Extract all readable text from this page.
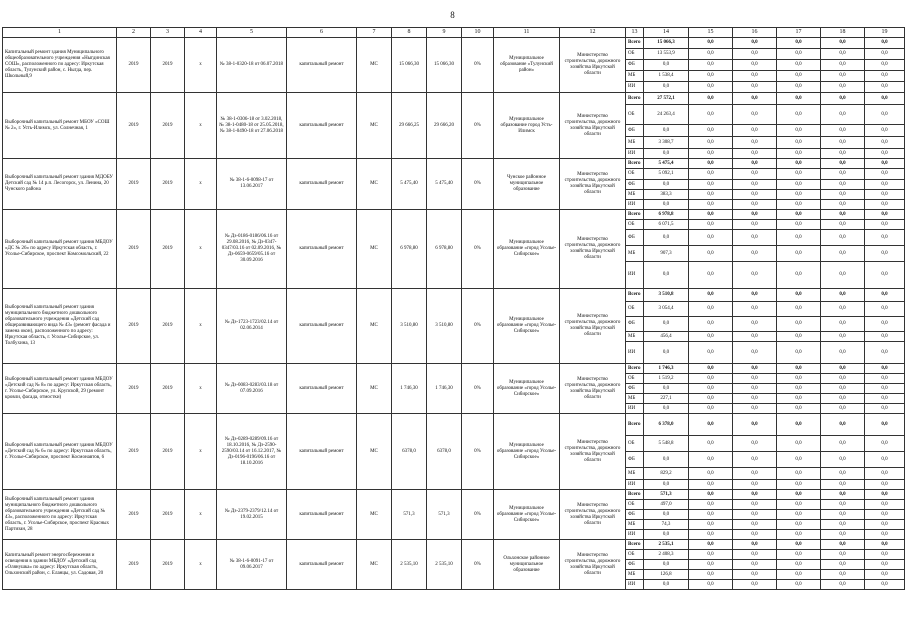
8
1	2	3	4	5	6	7	8	9	10	11	12	13	14	15	16	17	18	19
Капитальный ремонт здания Муниципального общеобразовательного учреждения «Ныгдинская СОШ», расположенного по адресу: Иркутская область, Тулунский район, с. Ныгда, пер. Школьный,9	2019	2019	х	№ 38-1-0320-18 от 06.07.2018	капитальный ремонт	МС	15 066,30	15 066,30	0%	Муниципальное образование «Тулунский район»	Министерство строительства, дорожного хозяйства Иркутской области	Всего	15 066,3	0,0	0,0	0,0	0,0	0,0
												ОБ	13 553,9	0,0	0,0	0,0	0,0	0,0
												ФБ	0,0	0,0	0,0	0,0	0,0	0,0
												МБ	1 538,4	0,0	0,0	0,0	0,0	0,0
												ИИ	0,0	0,0	0,0	0,0	0,0	0,0
Выборочный капитальный ремонт МБОУ «СОШ № 2», г. Усть-Илимск, ул. Солнечная, 1	2019	2019	х	№ 38-1-0306-18 от 3.02.2018, № 38-1-0480-18 от 25.05.2018, № 38-1-0490-18 от 27.06.2018	капитальный ремонт	МС	29 666,25	29 666,20	0%	Муниципальное образование город Усть-Илимск	Министерство строительства, дорожного хозяйства Иркутской области	Всего	27 572,1	0,0	0,0	0,0	0,0	0,0
												ОБ	24 263,4	0,0	0,0	0,0	0,0	0,0
												ФБ	0,0	0,0	0,0	0,0	0,0	0,0
												МБ	3 308,7	0,0	0,0	0,0	0,0	0,0
												ИИ	0,0	0,0	0,0	0,0	0,0	0,0
Выборочный капитальный ремонт здания МДОБУ Детский сад № 14 р.п. Лесогорск, ул. Ленина, 20 Чунского района	2019	2019	х	№ 38-1-6-0098-17 от 13.06.2017	капитальный ремонт	МС	5 475,40	5 475,40	0%	Чунское районное муниципальное образование	Министерство строительства, дорожного хозяйства Иркутской области	Всего	5 475,4	0,0	0,0	0,0	0,0	0,0
												ОБ	5 092,1	0,0	0,0	0,0	0,0	0,0
												ФБ	0,0	0,0	0,0	0,0	0,0	0,0
												МБ	383,3	0,0	0,0	0,0	0,0	0,0
												ИИ	0,0	0,0	0,0	0,0	0,0	0,0
Выборочный капитальный ремонт здания МБДОУ «ДС № 26» по адресу Иркутская область, г. Усолье-Сибирское, проспект Комсомольский, 22	2019	2019	х	№ Дз-0186-0186/06.16 от 29.08.2016, № Дз-0347-0347/03.16 от 02.09.2016, № Дз-0659-0659/05.16 от 30.09.2016	капитальный ремонт	МС	6 978,80	6 978,80	0%	Муниципальное образование «город Усолье-Сибирское»	Министерство строительства, дорожного хозяйства Иркутской области	Всего	6 978,8	0,0	0,0	0,0	0,0	0,0
												ОБ	6 071,5	0,0	0,0	0,0	0,0	0,0
												ФБ	0,0	0,0	0,0	0,0	0,0	0,0
												МБ	907,3	0,0	0,0	0,0	0,0	0,0
												ИИ	0,0	0,0	0,0	0,0	0,0	0,0
Выборочный капитальный ремонт здания муниципального бюджетного дошкольного образовательного учреждения «Детский сад общеразвивающего вида № 43» (ремонт фасада и замена окон), расположенного по адресу: Иркутская область, г. Усолье-Сибирское, ул. Толбухина, 13	2019	2019	х	№ Дз-1723-1723/02.14 от 02.06.2014	капитальный ремонт	МС	3 510,80	3 510,80	0%	Муниципальное образование «город Усолье-Сибирское»	Министерство строительства, дорожного хозяйства Иркутской области	Всего	3 510,8	0,0	0,0	0,0	0,0	0,0
												ОБ	3 054,4	0,0	0,0	0,0	0,0	0,0
												ФБ	0,0	0,0	0,0	0,0	0,0	0,0
												МБ	456,4	0,0	0,0	0,0	0,0	0,0
												ИИ	0,0	0,0	0,0	0,0	0,0	0,0
Выборочный капитальный ремонт здания МБДОУ «Детский сад № 8» по адресу: Иркутская область, г. Усолье-Сибирское, ул. Крупской, 29 (ремонт кровли, фасада, отмостки)	2019	2019	х	№ Дз-0083-0283/03.18 от 07.09.2016	капитальный ремонт	МС	1 746,30	1 746,30	0%	Муниципальное образование «город Усолье-Сибирское»	Министерство строительства, дорожного хозяйства Иркутской области	Всего	1 746,3	0,0	0,0	0,0	0,0	0,0
												ОБ	1 519,2	0,0	0,0	0,0	0,0	0,0
												ФБ	0,0	0,0	0,0	0,0	0,0	0,0
												МБ	227,1	0,0	0,0	0,0	0,0	0,0
												ИИ	0,0	0,0	0,0	0,0	0,0	0,0
Выборочный капитальный ремонт здания МБДОУ «Детский сад № 6» по адресу: Иркутская область, г. Усолье-Сибирское, проспект Космонавтов, 6	2019	2019	х	№ Дз-0289-0289/09.16 от 18.10.2016, № Дз-2590-2590/03.14 от 16.12.2017, № Дз-0196-0196/06.16 от 18.10.2016	капитальный ремонт	МС	6378,0	6378,0	0%	Муниципальное образование «город Усолье-Сибирское»	Министерство строительства, дорожного хозяйства Иркутской области	Всего	6 378,0	0,0	0,0	0,0	0,0	0,0
												ОБ	5 548,8	0,0	0,0	0,0	0,0	0,0
												ФБ	0,0	0,0	0,0	0,0	0,0	0,0
												МБ	829,2	0,0	0,0	0,0	0,0	0,0
												ИИ	0,0	0,0	0,0	0,0	0,0	0,0
Выборочный капитальный ремонт здания муниципального бюджетного дошкольного образовательного учреждения «Детский сад № 43», расположенного по адресу: Иркутская область, г. Усолье-Сибирское, проспект Красных Партизан, 28	2019	2019	х	№ Дз-2379-2379/12.14 от 19.02.2015	капитальный ремонт	МС	571,3	571,3	0%	Муниципальное образование «город Усолье-Сибирское»	Министерство строительства, дорожного хозяйства Иркутской области	Всего	571,3	0,0	0,0	0,0	0,0	0,0
												ОБ	497,0	0,0	0,0	0,0	0,0	0,0
												ФБ	0,0	0,0	0,0	0,0	0,0	0,0
												МБ	74,3	0,0	0,0	0,0	0,0	0,0
												ИИ	0,0	0,0	0,0	0,0	0,0	0,0
Капитальный ремонт энергосбережения и освещения в здании МБДОУ «Детский сад «Олянушка» по адресу: Иркутская область, Ольхонский район, с. Еланцы, ул. Садовая, 20	2019	2019	х	№ 38-1-6-0091-17 от 09.06.2017	капитальный ремонт	МС	2 535,10	2 535,10	0%	Ольхонское районное муниципальное образование	Министерство строительства, дорожного хозяйства Иркутской области	Всего	2 535,1	0,0	0,0	0,0	0,0	0,0
												ОБ	2 408,3	0,0	0,0	0,0	0,0	0,0
												ФБ	0,0	0,0	0,0	0,0	0,0	0,0
												МБ	126,8	0,0	0,0	0,0	0,0	0,0
												ИИ	0,0	0,0	0,0	0,0	0,0	0,0
